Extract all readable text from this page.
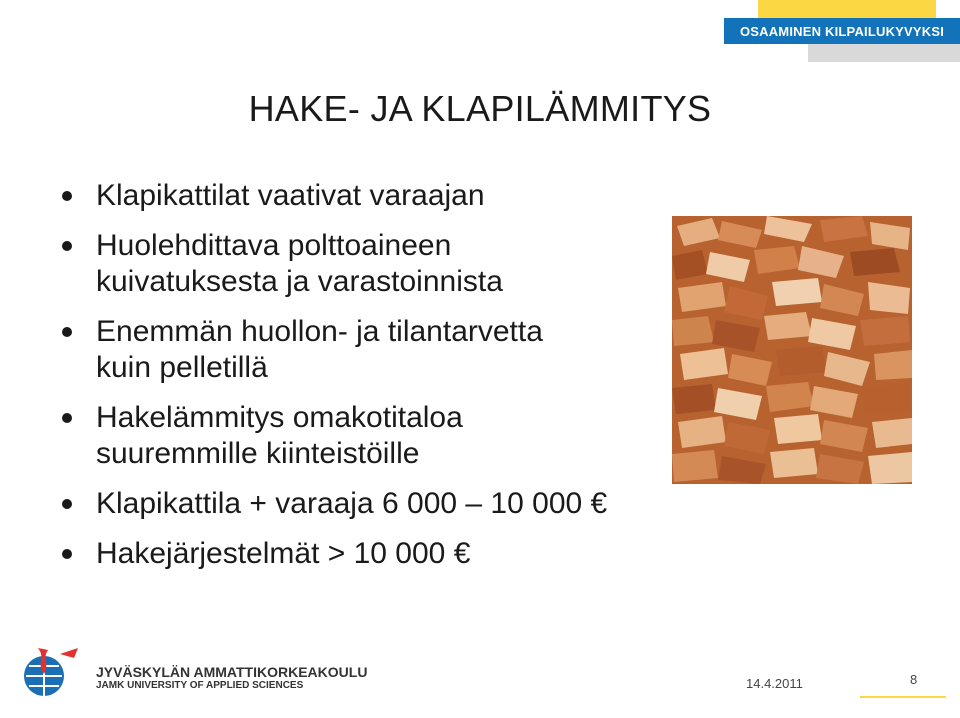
OSAAMINEN KILPAILUKYVYKSI
HAKE- JA KLAPILÄMMITYS
Klapikattilat vaativat varaajan
Huolehdittava polttoaineen
kuivatuksesta ja varastoinnista
Enemmän huollon- ja tilantarvetta
kuin pelletillä
Hakelämmitys omakotitaloa
suuremmille kiinteistöille
Klapikattila + varaaja 6 000 – 10 000 €
Hakejärjestelmät > 10 000 €
JYVÄSKYLÄN AMMATTIKORKEAKOULU
JAMK UNIVERSITY OF APPLIED SCIENCES	14.4.2011	8
